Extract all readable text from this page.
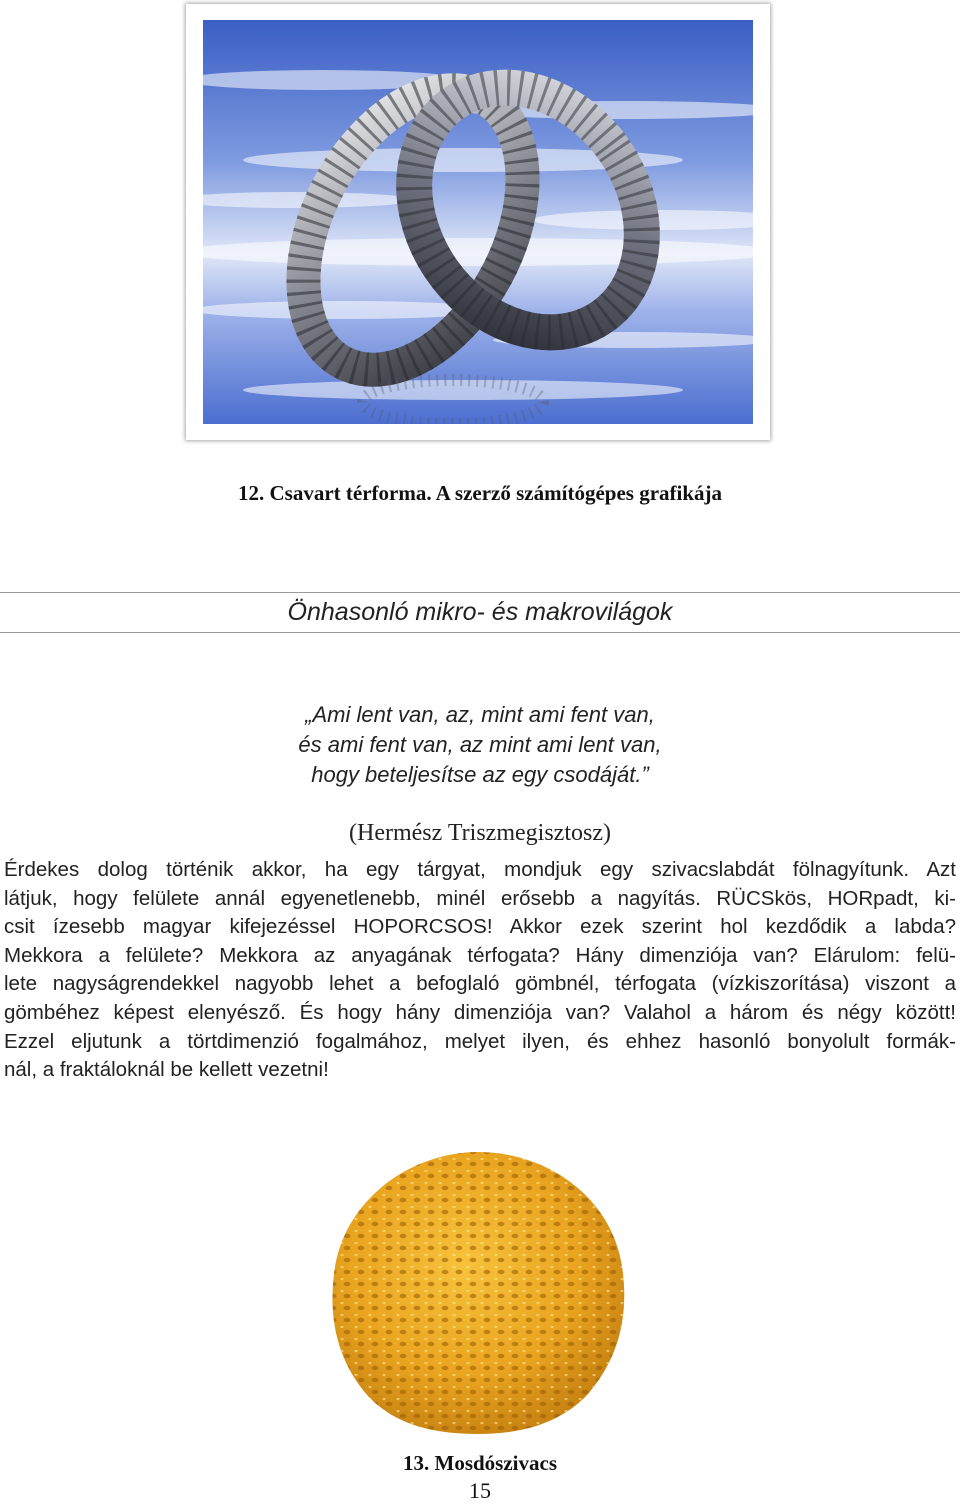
12. Csavart térforma. A szerző számítógépes grafikája
Önhasonló mikro- és makrovilágok
„Ami lent van, az, mint ami fent van,
és ami fent van, az mint ami lent van,
hogy beteljesítse az egy csodáját.”
(Hermész Triszmegisztosz)
Érdekes dolog történik akkor, ha egy tárgyat, mondjuk egy szivacslabdát fölnagyítunk. Azt
látjuk, hogy felülete annál egyenetlenebb, minél erősebb a nagyítás. RÜCSkös, HORpadt, ki-
csit ízesebb magyar kifejezéssel HOPORCSOS! Akkor ezek szerint hol kezdődik a labda?
Mekkora a felülete? Mekkora az anyagának térfogata? Hány dimenziója van? Elárulom: felü-
lete nagyságrendekkel nagyobb lehet a befoglaló gömbnél, térfogata (vízkiszorítása) viszont a
gömbéhez képest elenyésző. És hogy hány dimenziója van? Valahol a három és négy között!
Ezzel eljutunk a törtdimenzió fogalmához, melyet ilyen, és ehhez hasonló bonyolult formák-
nál, a fraktáloknál be kellett vezetni!
13. Mosdószivacs
15
